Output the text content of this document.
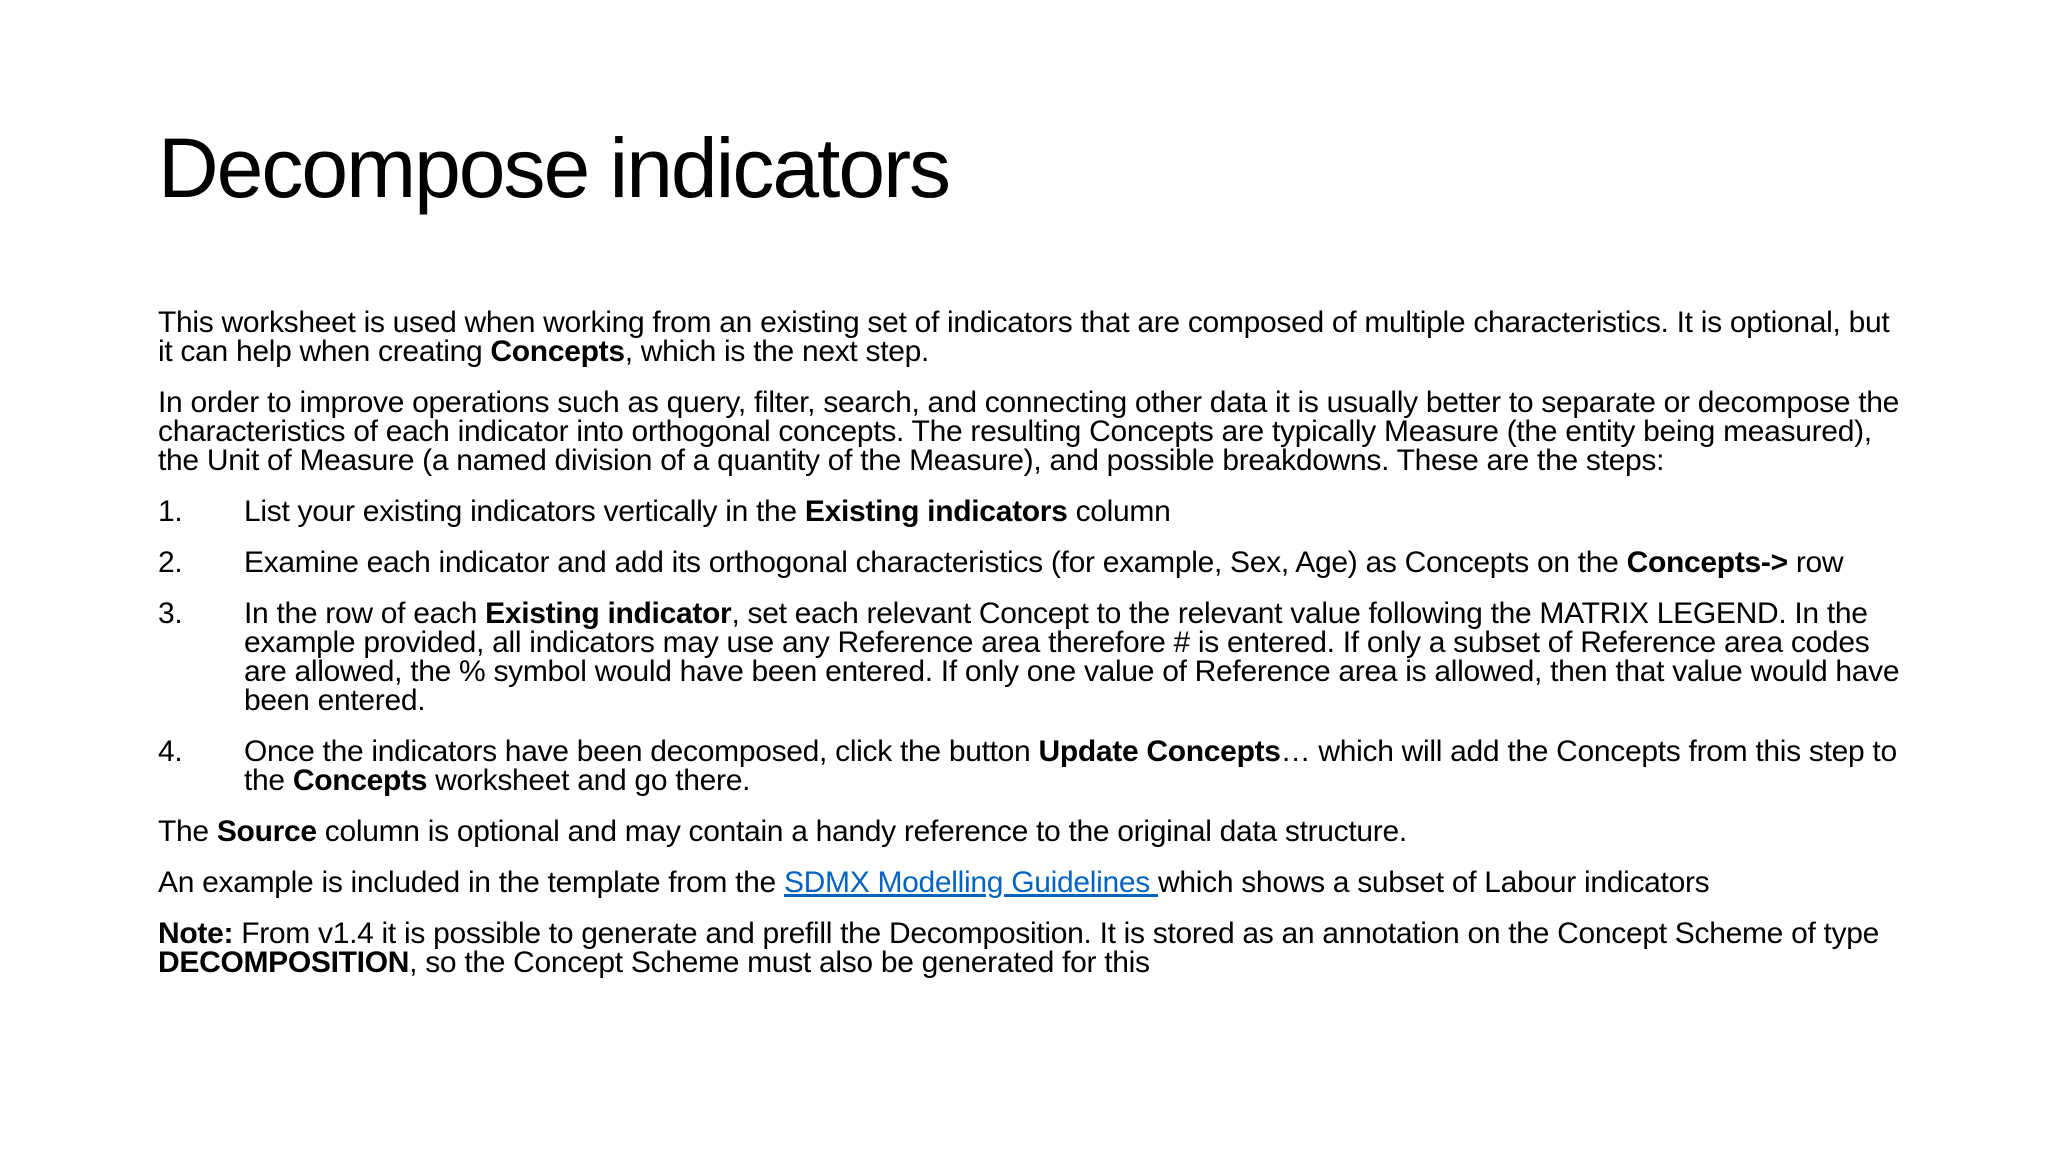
Decompose indicators

This worksheet is used when working from an existing set of indicators that are composed of multiple characteristics. It is optional, but it can help when creating Concepts, which is the next step.

In order to improve operations such as query, filter, search, and connecting other data it is usually better to separate or decompose the characteristics of each indicator into orthogonal concepts. The resulting Concepts are typically Measure (the entity being measured), the Unit of Measure (a named division of a quantity of the Measure), and possible breakdowns. These are the steps:

1. List your existing indicators vertically in the Existing indicators column
2. Examine each indicator and add its orthogonal characteristics (for example, Sex, Age) as Concepts on the Concepts-> row
3. In the row of each Existing indicator, set each relevant Concept to the relevant value following the MATRIX LEGEND. In the example provided, all indicators may use any Reference area therefore # is entered. If only a subset of Reference area codes are allowed, the % symbol would have been entered. If only one value of Reference area is allowed, then that value would have been entered.
4. Once the indicators have been decomposed, click the button Update Concepts… which will add the Concepts from this step to the Concepts worksheet and go there.

The Source column is optional and may contain a handy reference to the original data structure.

An example is included in the template from the SDMX Modelling Guidelines which shows a subset of Labour indicators

Note: From v1.4 it is possible to generate and prefill the Decomposition. It is stored as an annotation on the Concept Scheme of type DECOMPOSITION, so the Concept Scheme must also be generated for this
